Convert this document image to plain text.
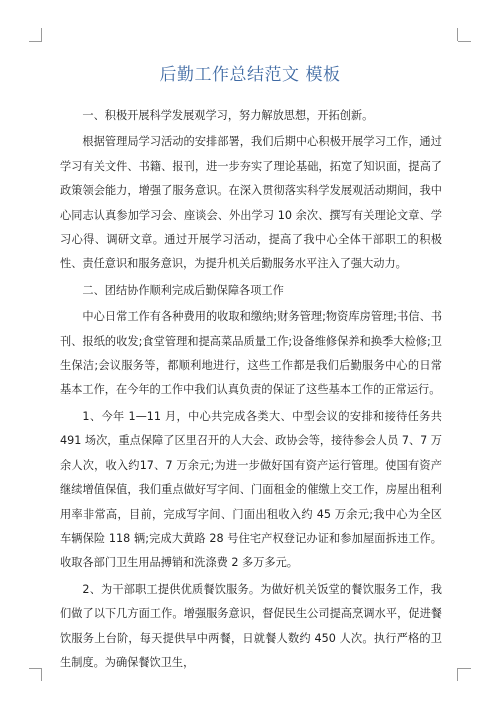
后勤工作总结范文 模板

一、积极开展科学发展观学习，努力解放思想，开拓创新。

根据管理局学习活动的安排部署，我们后期中心积极开展学习工作，通过学习有关文件、书籍、报刊，进一步夯实了理论基础，拓宽了知识面，提高了政策领会能力，增强了服务意识。在深入贯彻落实科学发展观活动期间，我中心同志认真参加学习会、座谈会、外出学习 10 余次、撰写有关理论文章、学习心得、调研文章。通过开展学习活动，提高了我中心全体干部职工的积极性、责任意识和服务意识，为提升机关后勤服务水平注入了强大动力。

二、团结协作顺利完成后勤保障各项工作

中心日常工作有各种费用的收取和缴纳;财务管理;物资库房管理;书信、书刊、报纸的收发;食堂管理和提高菜品质量工作;设备维修保养和换季大检修;卫生保洁;会议服务等，都顺利地进行，这些工作都是我们后勤服务中心的日常基本工作，在今年的工作中我们认真负责的保证了这些基本工作的正常运行。

1、今年 1—11 月，中心共完成各类大、中型会议的安排和接待任务共 491 场次，重点保障了区里召开的人大会、政协会等，接待参会人员 7、7 万余人次，收入约17、7 万余元;为进一步做好国有资产运行管理。使国有资产继续增值保值，我们重点做好写字间、门面租金的催缴上交工作，房屋出租利用率非常高，目前，完成写字间、门面出租收入约 45 万余元;我中心为全区车辆保险 118 辆;完成大黄路 28 号住宅产权登记办证和参加屋面拆违工作。收取各部门卫生用品搏销和洗涤费 2 多万多元。

2、为干部职工提供优质餐饮服务。为做好机关饭堂的餐饮服务工作，我们做了以下几方面工作。增强服务意识，督促民生公司提高烹调水平，促进餐饮服务上台阶，每天提供早中两餐，日就餐人数约 450 人次。执行严格的卫生制度。为确保餐饮卫生，
